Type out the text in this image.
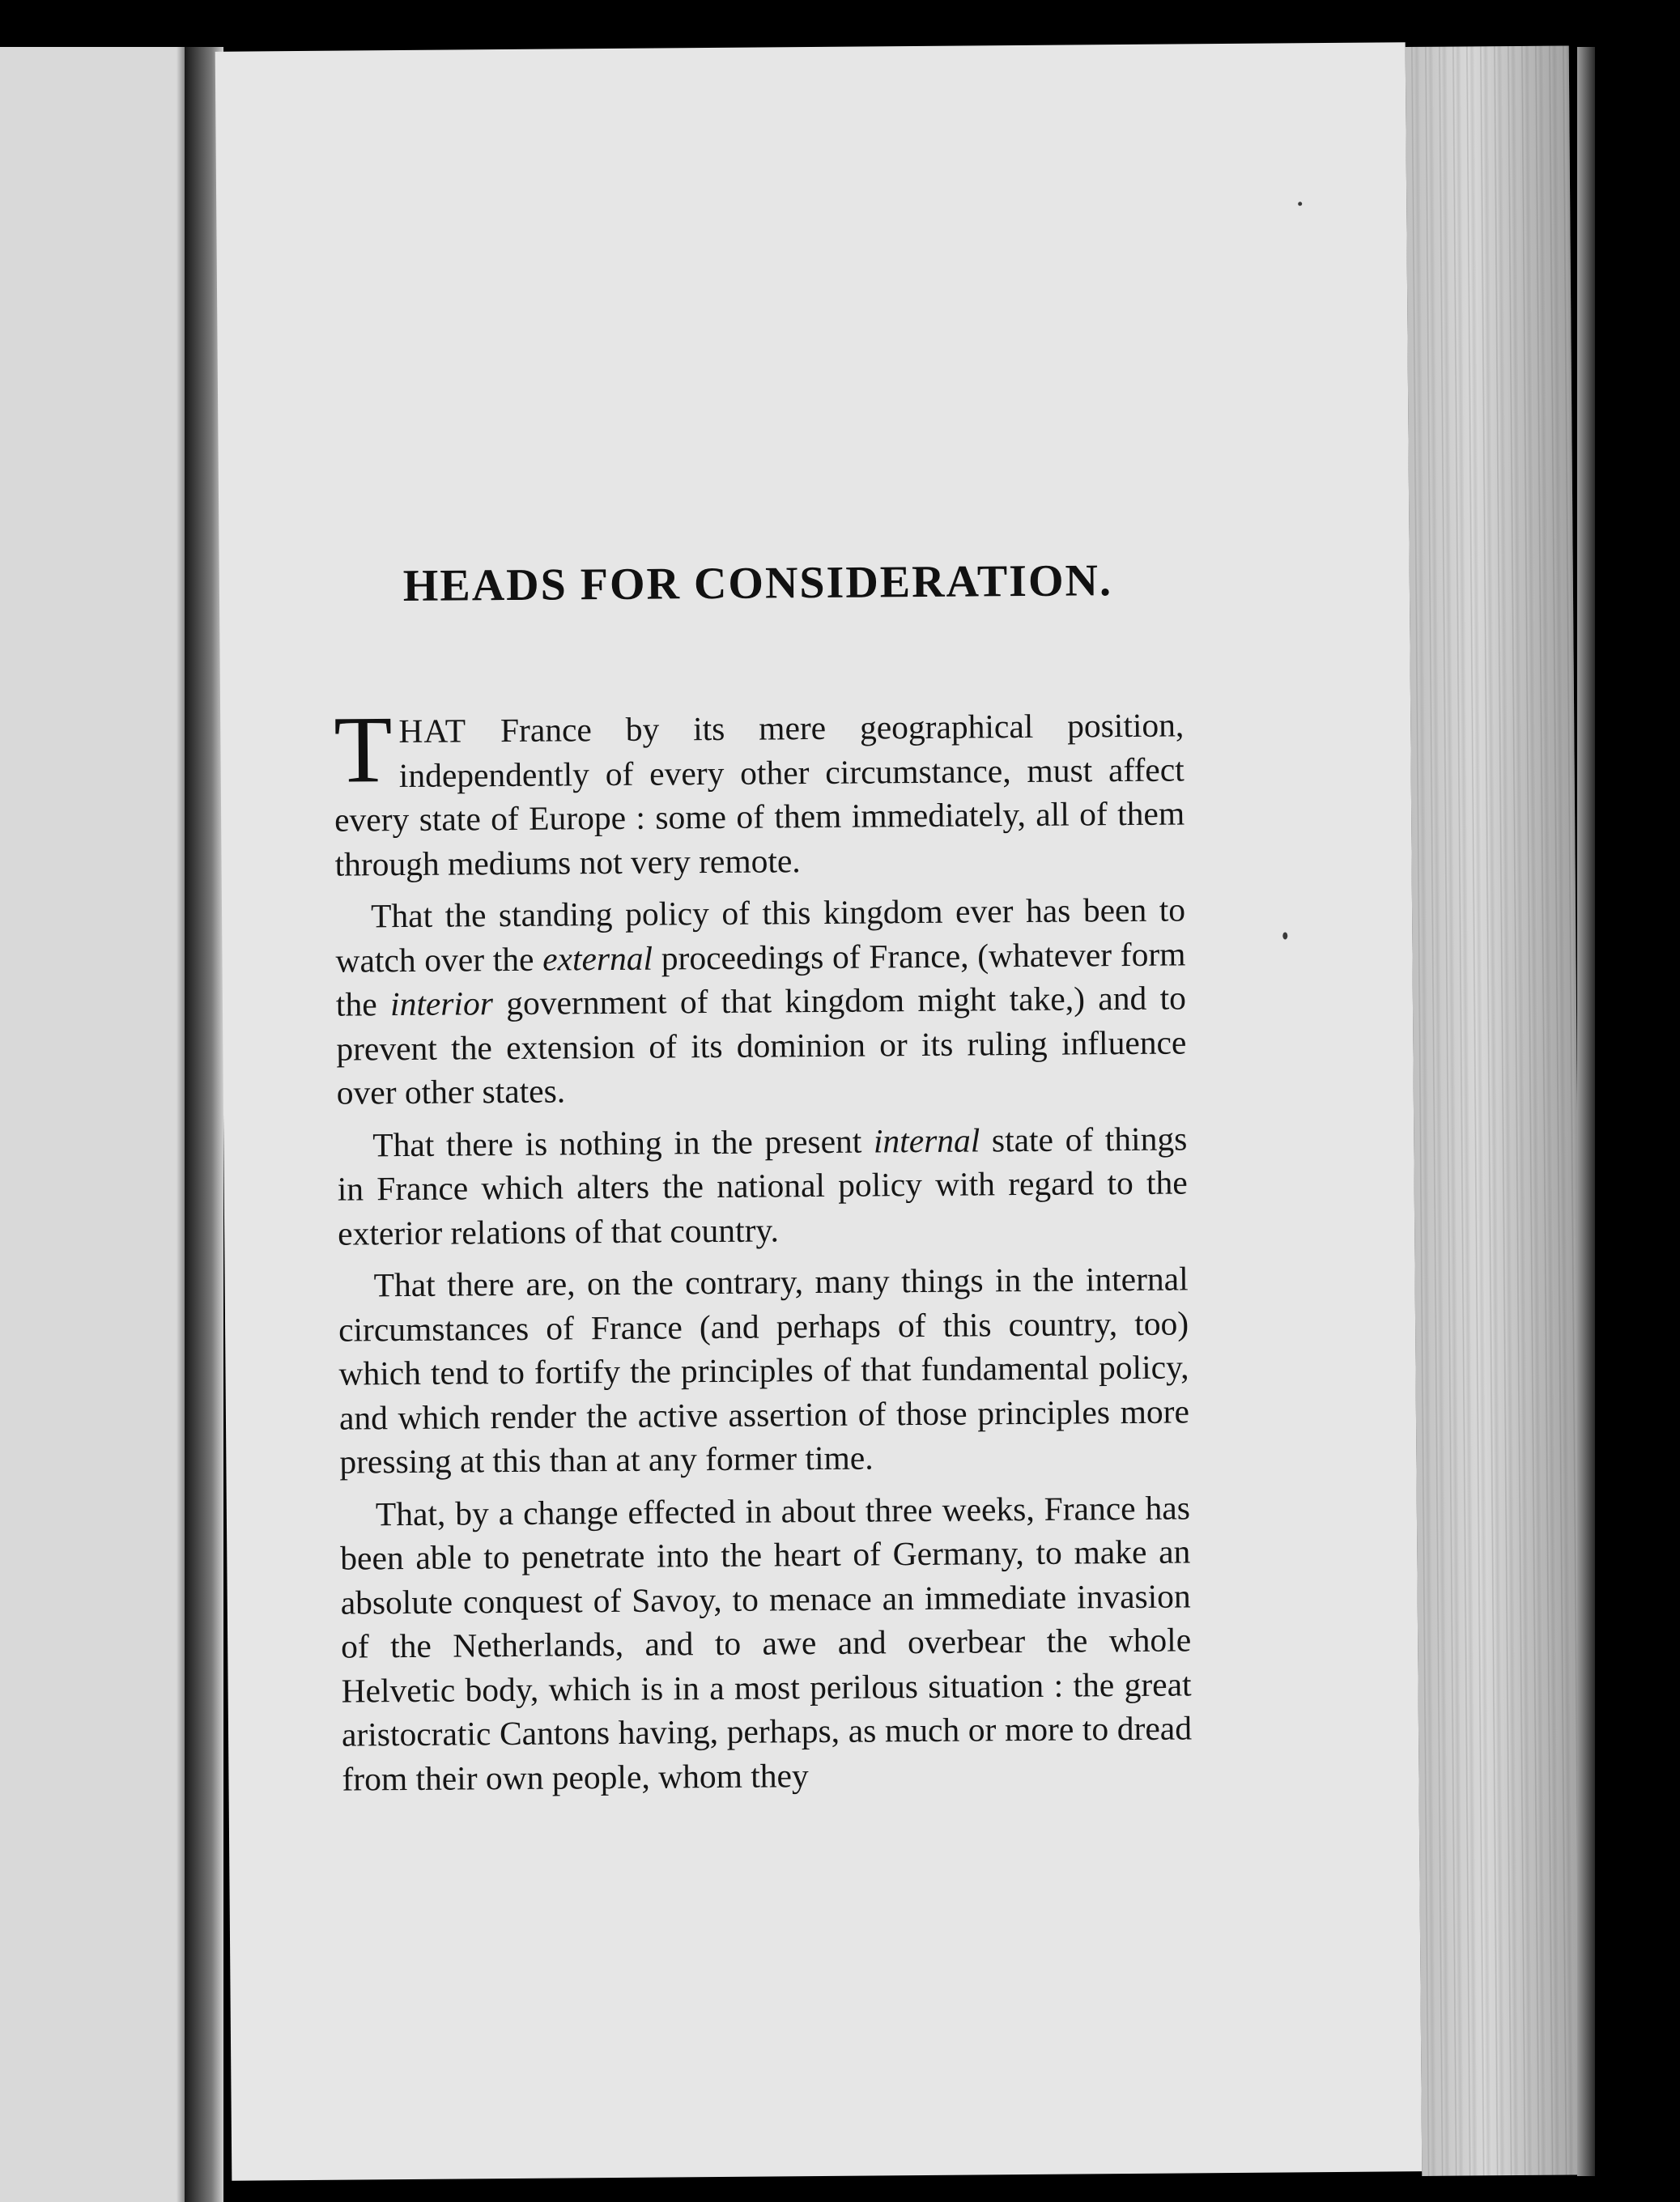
HEADS FOR CONSIDERATION.

THAT France by its mere geographical position, independently of every other circumstance, must affect every state of Europe : some of them immediately, all of them through mediums not very remote.

That the standing policy of this kingdom ever has been to watch over the external proceedings of France, (whatever form the interior government of that kingdom might take,) and to prevent the extension of its dominion or its ruling influence over other states.

That there is nothing in the present internal state of things in France which alters the national policy with regard to the exterior relations of that country.

That there are, on the contrary, many things in the internal circumstances of France (and perhaps of this country, too) which tend to fortify the principles of that fundamental policy, and which render the active assertion of those principles more pressing at this than at any former time.

That, by a change effected in about three weeks, France has been able to penetrate into the heart of Germany, to make an absolute conquest of Savoy, to menace an immediate invasion of the Netherlands, and to awe and overbear the whole Helvetic body, which is in a most perilous situation : the great aristocratic Cantons having, perhaps, as much or more to dread from their own people, whom they
